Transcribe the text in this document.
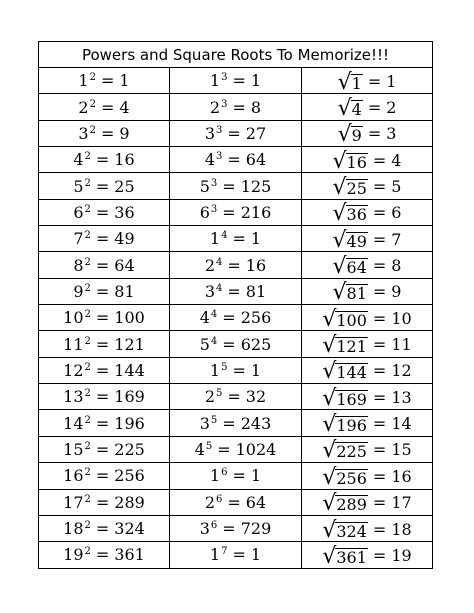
Powers and Square Roots To Memorize!!!		

1 2 = 1	1 3 = 1	√ 1 = 1

2 2 = 4	2 3 = 8	√ 4 = 2

3 2 = 9	3 3 = 27	√ 9 = 3

4 2 = 16	4 3 = 64	√ 16 = 4

5 2 = 25	5 3 = 125	√ 25 = 5

6 2 = 36	6 3 = 216	√ 36 = 6

7 2 = 49	1 4 = 1	√ 49 = 7

8 2 = 64	2 4 = 16	√ 64 = 8

9 2 = 81	3 4 = 81	√ 81 = 9

10 2 = 100	4 4 = 256	√ 100 = 10

11 2 = 121	5 4 = 625	√ 121 = 11

12 2 = 144	1 5 = 1	√ 144 = 12

13 2 = 169	2 5 = 32	√ 169 = 13

14 2 = 196	3 5 = 243	√ 196 = 14

15 2 = 225	4 5 = 1024	√ 225 = 15

16 2 = 256	1 6 = 1	√ 256 = 16

17 2 = 289	2 6 = 64	√ 289 = 17

18 2 = 324	3 6 = 729	√ 324 = 18

19 2 = 361	1 7 = 1	√ 361 = 19
